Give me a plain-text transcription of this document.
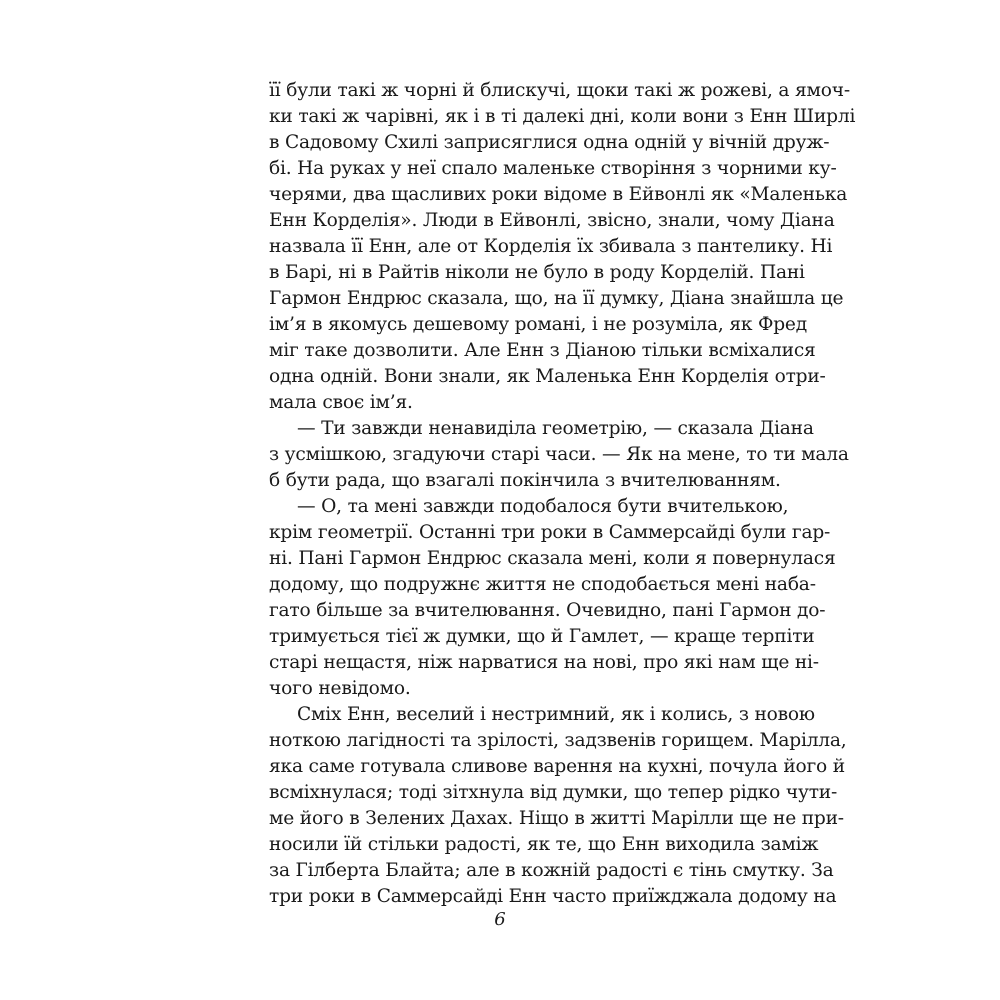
її були такі ж чорні й блискучі, щоки такі ж рожеві, а ямоч-
ки такі ж чарівні, як і в ті далекі дні, коли вони з Енн Ширлі
в Садовому Схилі заприсяглися одна одній у вічній друж-
бі. На руках у неї спало маленьке створіння з чорними ку-
черями, два щасливих роки відоме в Ейвонлі як «Маленька
Енн Корделія». Люди в Ейвонлі, звісно, знали, чому Діана
назвала її Енн, але от Корделія їх збивала з пантелику. Ні
в Барі, ні в Райтів ніколи не було в роду Корделій. Пані
Гармон Ендрюс сказала, що, на її думку, Діана знайшла це
ім’я в якомусь дешевому романі, і не розуміла, як Фред
міг таке дозволити. Але Енн з Діаною тільки всміхалися
одна одній. Вони знали, як Маленька Енн Корделія отри-
мала своє ім’я.
— Ти завжди ненавиділа геометрію, — сказала Діана
з усмішкою, згадуючи старі часи. — Як на мене, то ти мала
б бути рада, що взагалі покінчила з вчителюванням.
— О, та мені завжди подобалося бути вчителькою,
крім геометрії. Останні три роки в Саммерсайді були гар-
ні. Пані Гармон Ендрюс сказала мені, коли я повернулася
додому, що подружнє життя не сподобається мені наба-
гато більше за вчителювання. Очевидно, пані Гармон до-
тримується тієї ж думки, що й Гамлет, — краще терпіти
старі нещастя, ніж нарватися на нові, про які нам ще ні-
чого невідомо.
Сміх Енн, веселий і нестримний, як і колись, з новою
ноткою лагідності та зрілості, задзвенів горищем. Марілла,
яка саме готувала сливове варення на кухні, почула його й
всміхнулася; тоді зітхнула від думки, що тепер рідко чути-
ме його в Зелених Дахах. Ніщо в житті Марілли ще не при-
носили їй стільки радості, як те, що Енн виходила заміж
за Гілберта Блайта; але в кожній радості є тінь смутку. За
три роки в Саммерсайді Енн часто приїжджала додому на
6
